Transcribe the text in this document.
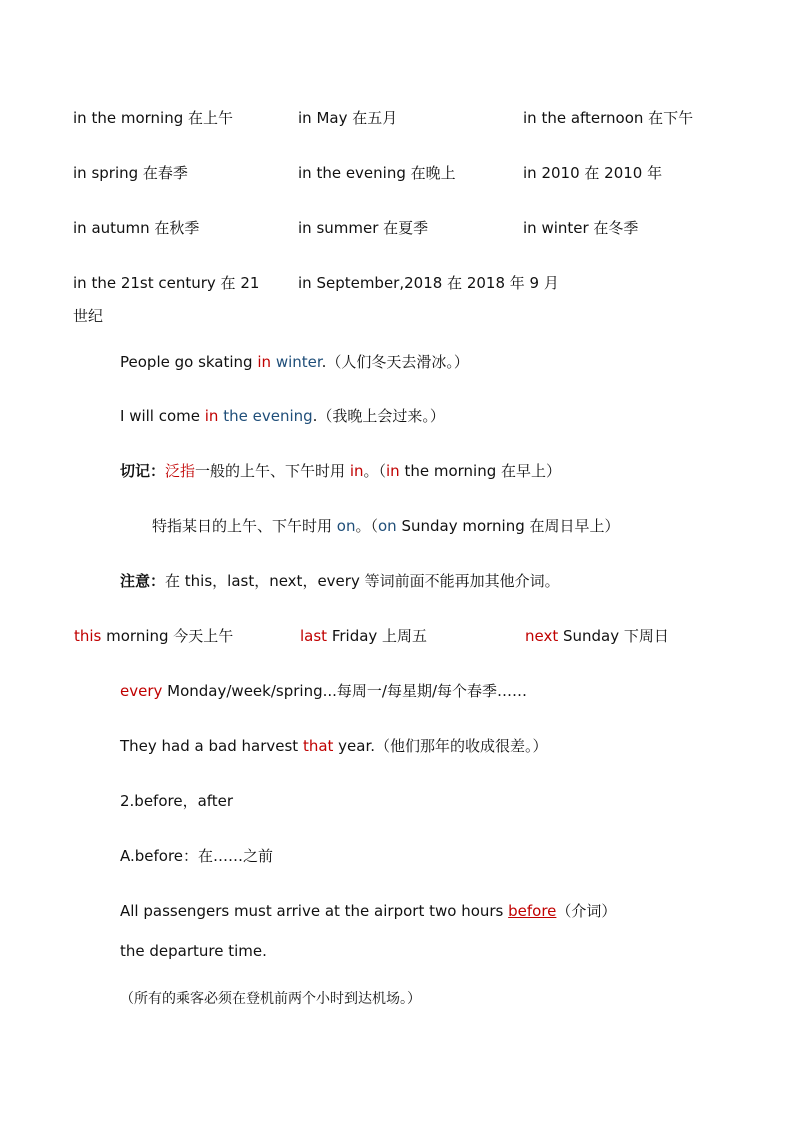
in the morning 在上午	in May 在五月	in the afternoon 在下午
in spring 在春季	in the evening 在晚上	in 2010 在 2010 年
in autumn 在秋季	in summer 在夏季	in winter 在冬季
in the 21st century 在 21	in September,2018 在 2018 年 9 月
世纪
People go skating in winter.（人们冬天去滑冰。）
I will come in the evening.（我晚上会过来。）
切记：泛指一般的上午、下午时用 in。（in the morning 在早上）
特指某日的上午、下午时用 on。（on Sunday morning 在周日早上）
注意：在 this，last，next，every 等词前面不能再加其他介词。
this morning 今天上午	last Friday 上周五	next Sunday 下周日
every Monday/week/spring...每周一/每星期/每个春季……
They had a bad harvest that year.（他们那年的收成很差。）
2.before，after
A.before：在……之前
All passengers must arrive at the airport two hours before（介词）
the departure time.
（所有的乘客必须在登机前两个小时到达机场。）
